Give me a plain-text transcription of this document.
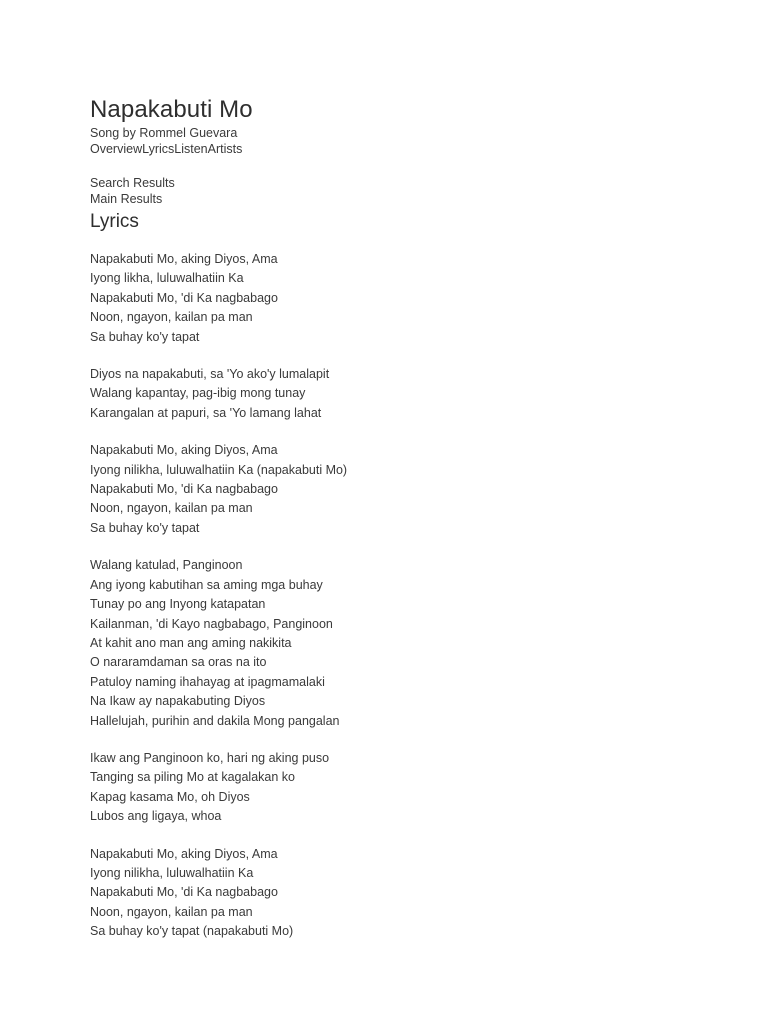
Napakabuti Mo

Song by Rommel Guevara

OverviewLyricsListenArtists

Search Results

Main Results

Lyrics

Napakabuti Mo, aking Diyos, Ama

Iyong likha, luluwalhatiin Ka

Napakabuti Mo, 'di Ka nagbabago

Noon, ngayon, kailan pa man

Sa buhay ko'y tapat

Diyos na napakabuti, sa 'Yo ako'y lumalapit

Walang kapantay, pag-ibig mong tunay

Karangalan at papuri, sa 'Yo lamang lahat

Napakabuti Mo, aking Diyos, Ama

Iyong nilikha, luluwalhatiin Ka (napakabuti Mo)

Napakabuti Mo, 'di Ka nagbabago

Noon, ngayon, kailan pa man

Sa buhay ko'y tapat

Walang katulad, Panginoon

Ang iyong kabutihan sa aming mga buhay

Tunay po ang Inyong katapatan

Kailanman, 'di Kayo nagbabago, Panginoon

At kahit ano man ang aming nakikita

O nararamdaman sa oras na ito

Patuloy naming ihahayag at ipagmamalaki

Na Ikaw ay napakabuting Diyos

Hallelujah, purihin and dakila Mong pangalan

Ikaw ang Panginoon ko, hari ng aking puso

Tanging sa piling Mo at kagalakan ko

Kapag kasama Mo, oh Diyos

Lubos ang ligaya, whoa

Napakabuti Mo, aking Diyos, Ama

Iyong nilikha, luluwalhatiin Ka

Napakabuti Mo, 'di Ka nagbabago

Noon, ngayon, kailan pa man

Sa buhay ko'y tapat (napakabuti Mo)
